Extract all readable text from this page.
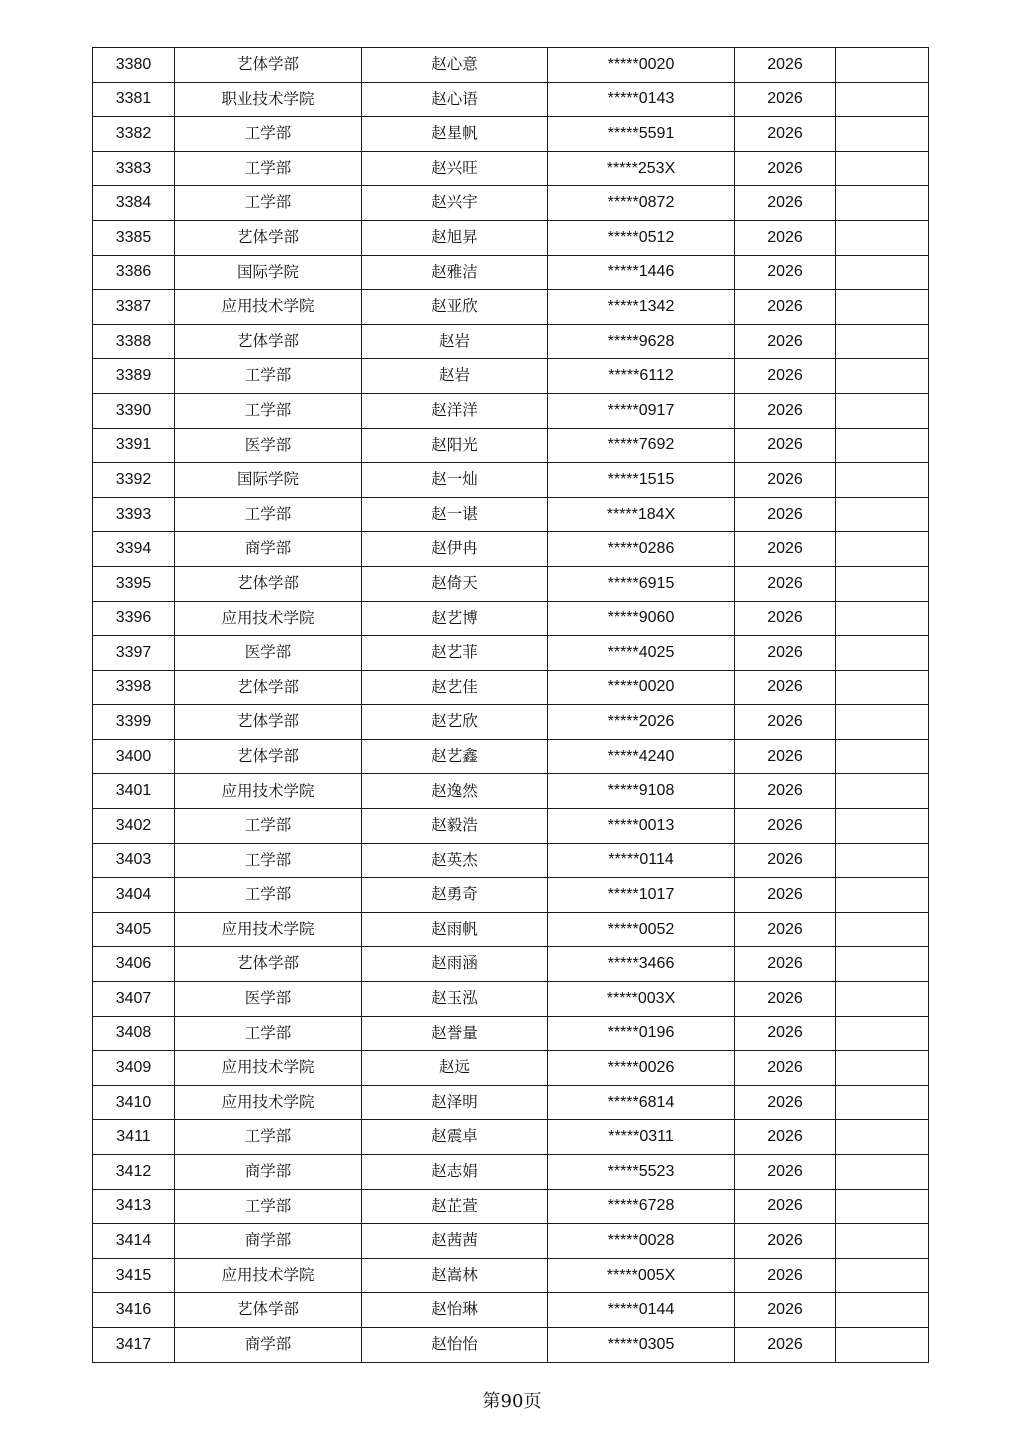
3380	艺体学部	赵心意	*****0020	2026	
3381	职业技术学院	赵心语	*****0143	2026	
3382	工学部	赵星帆	*****5591	2026	
3383	工学部	赵兴旺	*****253X	2026	
3384	工学部	赵兴宇	*****0872	2026	
3385	艺体学部	赵旭昇	*****0512	2026	
3386	国际学院	赵雅洁	*****1446	2026	
3387	应用技术学院	赵亚欣	*****1342	2026	
3388	艺体学部	赵岩	*****9628	2026	
3389	工学部	赵岩	*****6112	2026	
3390	工学部	赵洋洋	*****0917	2026	
3391	医学部	赵阳光	*****7692	2026	
3392	国际学院	赵一灿	*****1515	2026	
3393	工学部	赵一谌	*****184X	2026	
3394	商学部	赵伊冉	*****0286	2026	
3395	艺体学部	赵倚天	*****6915	2026	
3396	应用技术学院	赵艺博	*****9060	2026	
3397	医学部	赵艺菲	*****4025	2026	
3398	艺体学部	赵艺佳	*****0020	2026	
3399	艺体学部	赵艺欣	*****2026	2026	
3400	艺体学部	赵艺鑫	*****4240	2026	
3401	应用技术学院	赵逸然	*****9108	2026	
3402	工学部	赵毅浩	*****0013	2026	
3403	工学部	赵英杰	*****0114	2026	
3404	工学部	赵勇奇	*****1017	2026	
3405	应用技术学院	赵雨帆	*****0052	2026	
3406	艺体学部	赵雨涵	*****3466	2026	
3407	医学部	赵玉泓	*****003X	2026	
3408	工学部	赵誉量	*****0196	2026	
3409	应用技术学院	赵远	*****0026	2026	
3410	应用技术学院	赵泽明	*****6814	2026	
3411	工学部	赵震卓	*****0311	2026	
3412	商学部	赵志娟	*****5523	2026	
3413	工学部	赵芷萱	*****6728	2026	
3414	商学部	赵茜茜	*****0028	2026	
3415	应用技术学院	赵嵩林	*****005X	2026	
3416	艺体学部	赵怡琳	*****0144	2026	
3417	商学部	赵怡怡	*****0305	2026	
第90页
